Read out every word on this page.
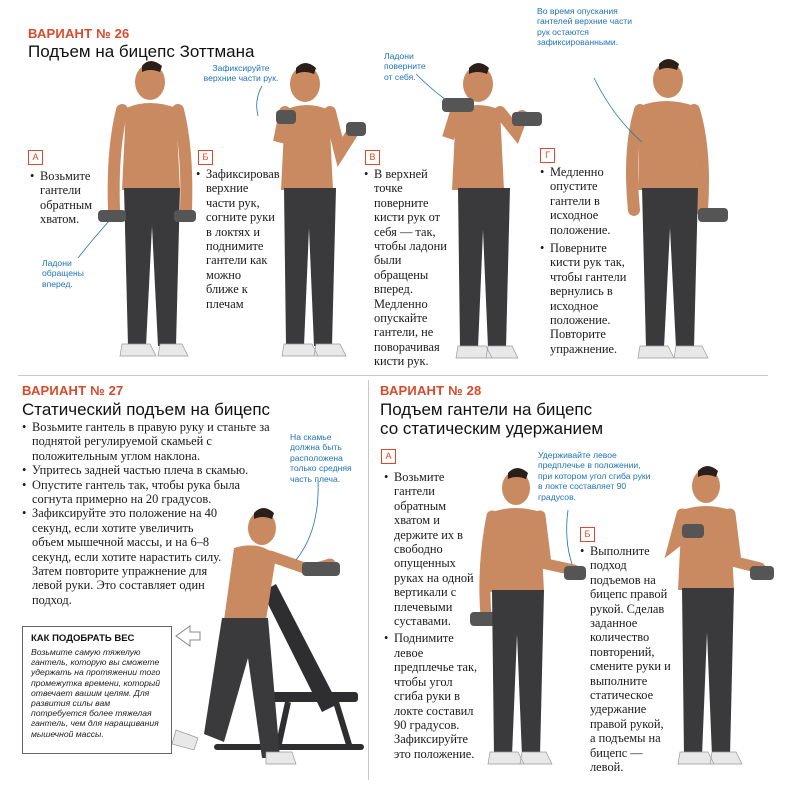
ВАРИАНТ № 26
Подъем на бицепс Зоттмана
А
• Возьмите гантели обратным хватом.
Ладони обращены вперед.
Б
• Зафиксировав верхние части рук, согните руки в локтях и поднимите гантели как можно ближе к плечам
Зафиксируйте верхние части рук.
В
• В верхней точке поверните кисти рук от себя — так, чтобы ладони были обращены вперед. Медленно опускайте гантели, не поворачивая кисти рук.
Ладони поверните от себя.
Г
• Медленно опустите гантели в исходное положение.
• Поверните кисти рук так, чтобы гантели вернулись в исходное положение. Повторите упражнение.
Во время опускания гантелей верхние части рук остаются зафиксированными.
ВАРИАНТ № 27
Статический подъем на бицепс
• Возьмите гантель в правую руку и станьте за поднятой регулируемой скамьей с положительным углом наклона.
• Упритесь задней частью плеча в скамью.
• Опустите гантель так, чтобы рука была согнута примерно на 20 градусов.
• Зафиксируйте это положение на 40 секунд, если хотите увеличить объем мышечной массы, и на 6–8 секунд, если хотите нарастить силу. Затем повторите упражнение для левой руки. Это составляет один подход.
На скамье должна быть расположена только средняя часть плеча.
КАК ПОДОБРАТЬ ВЕС
Возьмите самую тяжелую гантель, которую вы сможете удержать на протяжении того промежутка времени, который отвечает вашим целям. Для развития силы вам потребуется более тяжелая гантель, чем для наращивания мышечной массы.
ВАРИАНТ № 28
Подъем гантели на бицепс
со статическим удержанием
А
• Возьмите гантели обратным хватом и держите их в свободно опущенных руках на одной вертикали с плечевыми суставами.
• Поднимите левое предплечье так, чтобы угол сгиба руки в локте составил 90 градусов. Зафиксируйте это положение.
Б
• Выполните подход подъемов на бицепс правой рукой. Сделав заданное количество повторений, смените руки и выполните статическое удержание правой рукой, а подъемы на бицепс — левой.
Удерживайте левое предплечье в положении, при котором угол сгиба руки в локте составляет 90 градусов.
